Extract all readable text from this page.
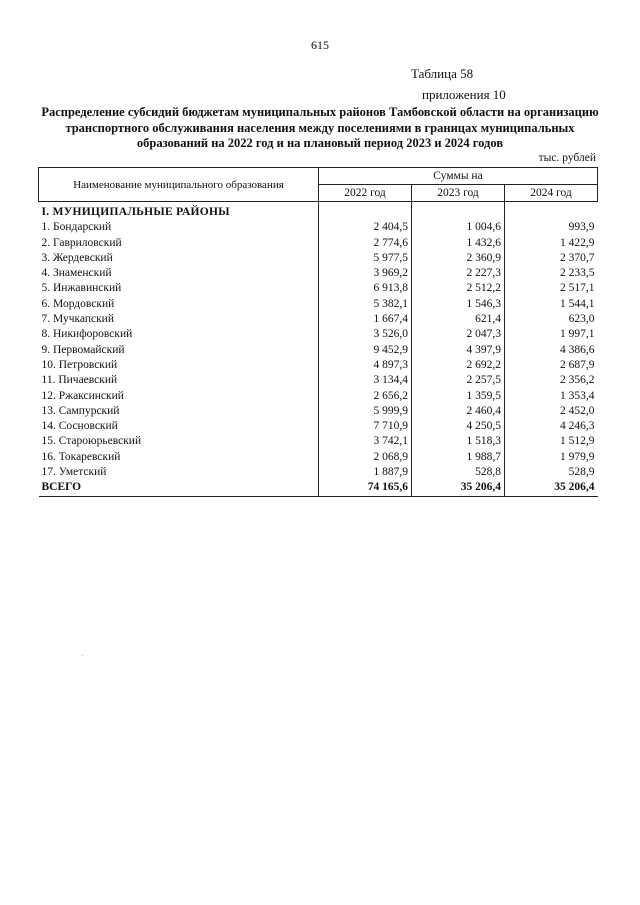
615
Таблица 58
приложения 10
Распределение субсидий бюджетам муниципальных районов Тамбовской области на организацию транспортного обслуживания населения между поселениями в границах муниципальных образований на 2022 год и на плановый период 2023 и 2024 годов
тыс. рублей
Наименование муниципального образования	Суммы на		
	2022 год	2023 год	2024 год
I. МУНИЦИПАЛЬНЫЕ РАЙОНЫ			
1. Бондарский	2 404,5	1 004,6	993,9
2. Гавриловский	2 774,6	1 432,6	1 422,9
3. Жердевский	5 977,5	2 360,9	2 370,7
4. Знаменский	3 969,2	2 227,3	2 233,5
5. Инжавинский	6 913,8	2 512,2	2 517,1
6. Мордовский	5 382,1	1 546,3	1 544,1
7. Мучкапский	1 667,4	621,4	623,0
8. Никифоровский	3 526,0	2 047,3	1 997,1
9. Первомайский	9 452,9	4 397,9	4 386,6
10. Петровский	4 897,3	2 692,2	2 687,9
11. Пичаевский	3 134,4	2 257,5	2 356,2
12. Ржаксинский	2 656,2	1 359,5	1 353,4
13. Сампурский	5 999,9	2 460,4	2 452,0
14. Сосновский	7 710,9	4 250,5	4 246,3
15. Староюрьевский	3 742,1	1 518,3	1 512,9
16. Токаревский	2 068,9	1 988,7	1 979,9
17. Уметский	1 887,9	528,8	528,9
ВСЕГО	74 165,6	35 206,4	35 206,4
